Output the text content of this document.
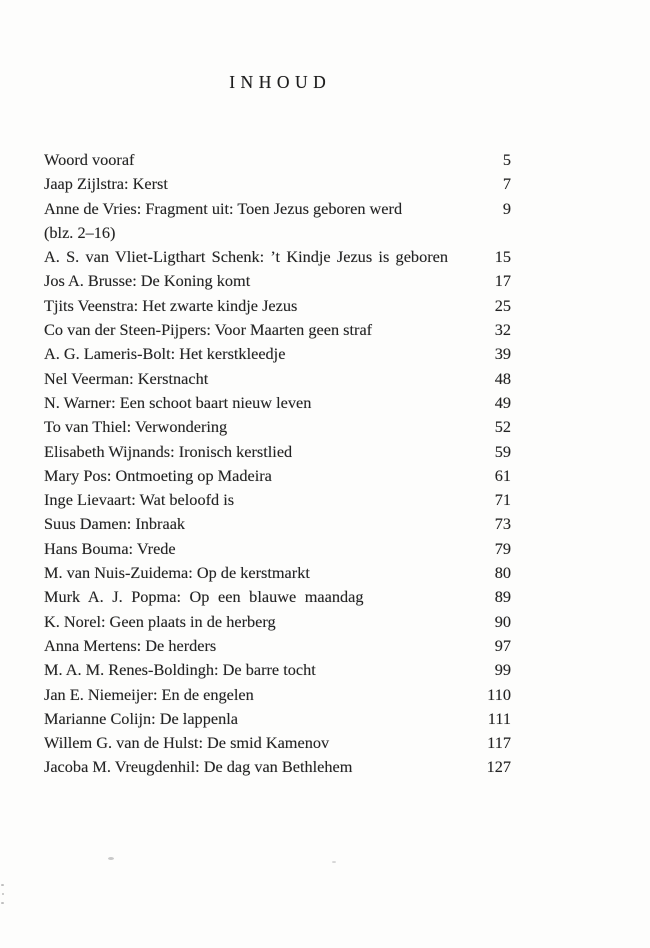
INHOUD
Woord vooraf	5
Jaap Zijlstra: Kerst	7
Anne de Vries: Fragment uit: Toen Jezus geboren werd	9
(blz. 2–16)
A. S. van Vliet-Ligthart Schenk: ’t Kindje Jezus is geboren	15
Jos A. Brusse: De Koning komt	17
Tjits Veenstra: Het zwarte kindje Jezus	25
Co van der Steen-Pijpers: Voor Maarten geen straf	32
A. G. Lameris-Bolt: Het kerstkleedje	39
Nel Veerman: Kerstnacht	48
N. Warner: Een schoot baart nieuw leven	49
To van Thiel: Verwondering	52
Elisabeth Wijnands: Ironisch kerstlied	59
Mary Pos: Ontmoeting op Madeira	61
Inge Lievaart: Wat beloofd is	71
Suus Damen: Inbraak	73
Hans Bouma: Vrede	79
M. van Nuis-Zuidema: Op de kerstmarkt	80
Murk A. J. Popma: Op een blauwe maandag	89
K. Norel: Geen plaats in de herberg	90
Anna Mertens: De herders	97
M. A. M. Renes-Boldingh: De barre tocht	99
Jan E. Niemeijer: En de engelen	110
Marianne Colijn: De lappenla	111
Willem G. van de Hulst: De smid Kamenov	117
Jacoba M. Vreugdenhil: De dag van Bethlehem	127
